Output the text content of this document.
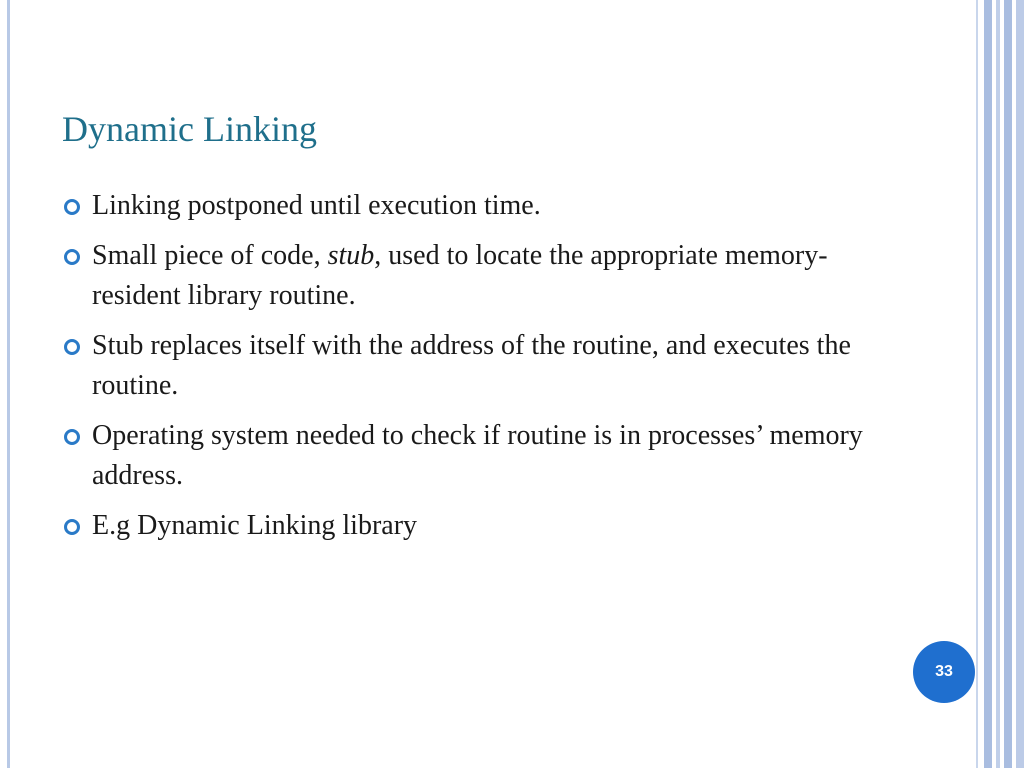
Dynamic Linking
Linking postponed until execution time.
Small piece of code, stub, used to locate the appropriate memory-resident library routine.
Stub replaces itself with the address of the routine, and executes the routine.
Operating system needed to check if routine is in processes’ memory address.
E.g Dynamic Linking library
33
